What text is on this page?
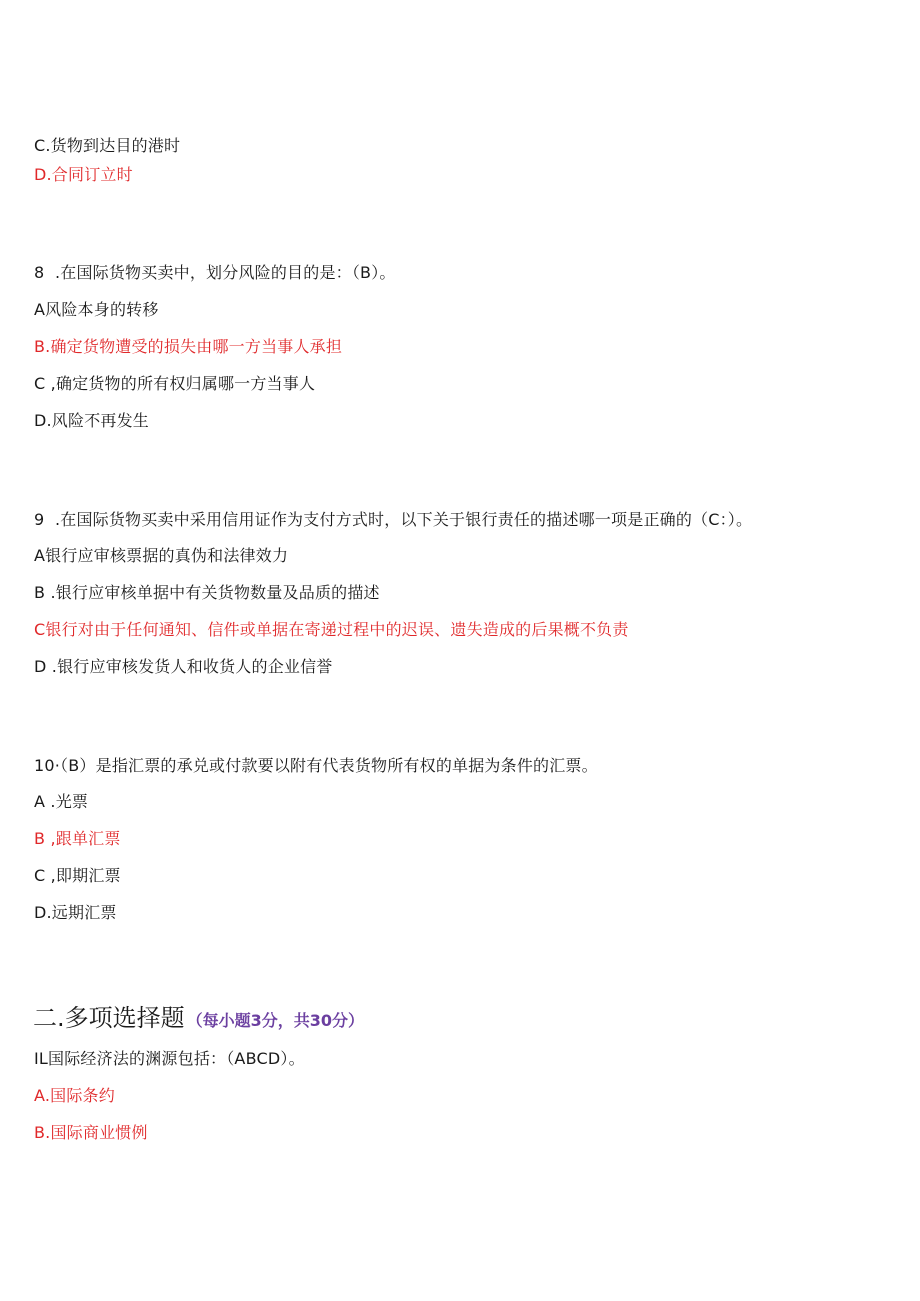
C.货物到达目的港时
D.合同订立时
8  .在国际货物买卖中，划分风险的目的是：（B）。
A风险本身的转移
B.确定货物遭受的损失由哪一方当事人承担
C ,确定货物的所有权归属哪一方当事人
D.风险不再发生
9  .在国际货物买卖中采用信用证作为支付方式时，以下关于银行责任的描述哪一项是正确的（C：）。
A银行应审核票据的真伪和法律效力
B .银行应审核单据中有关货物数量及品质的描述
C银行对由于任何通知、信件或单据在寄递过程中的迟误、遗失造成的后果概不负责
D .银行应审核发货人和收货人的企业信誉
10·（B）是指汇票的承兑或付款要以附有代表货物所有权的单据为条件的汇票。
A .光票
B ,跟单汇票
C ,即期汇票
D.远期汇票
二.多项选择题 （每小题3分，共30分）
IL国际经济法的渊源包括：（ABCD）。
A.国际条约
B.国际商业惯例
